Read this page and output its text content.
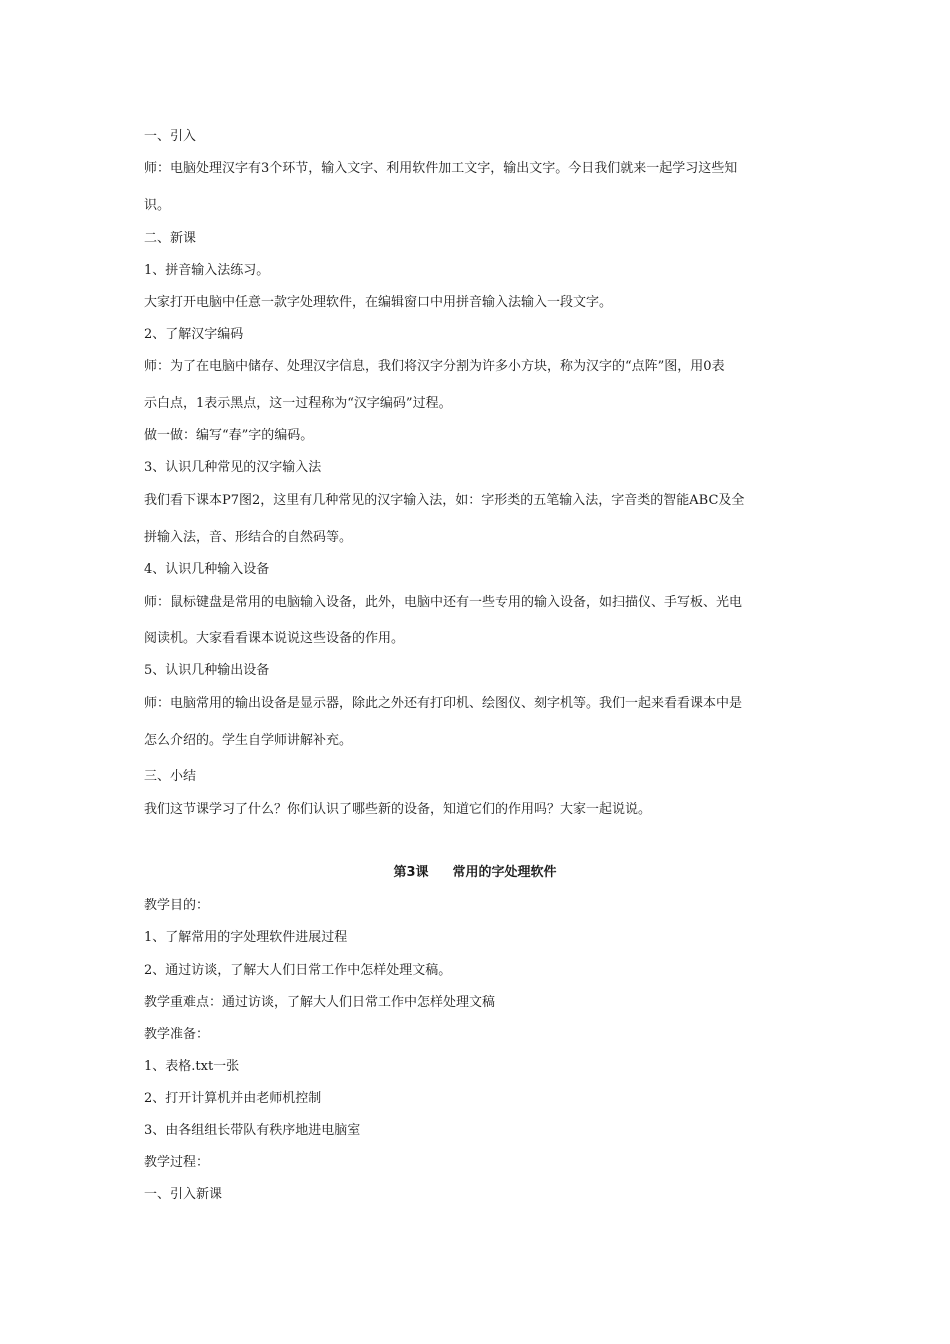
一、引入
师：电脑处理汉字有3个环节，输入文字、利用软件加工文字，输出文字。今日我们就来一起学习这些知
识。
二、新课
1、拼音输入法练习。
大家打开电脑中任意一款字处理软件，在编辑窗口中用拼音输入法输入一段文字。
2、了解汉字编码
师：为了在电脑中储存、处理汉字信息，我们将汉字分割为许多小方块，称为汉字的“点阵”图，用0表
示白点，1表示黑点，这一过程称为“汉字编码”过程。
做一做：编写“春”字的编码。
3、认识几种常见的汉字输入法
我们看下课本P7图2，这里有几种常见的汉字输入法，如：字形类的五笔输入法，字音类的智能ABC及全
拼输入法，音、形结合的自然码等。
4、认识几种输入设备
师：鼠标键盘是常用的电脑输入设备，此外，电脑中还有一些专用的输入设备，如扫描仪、手写板、光电
阅读机。大家看看课本说说这些设备的作用。
5、认识几种输出设备
师：电脑常用的输出设备是显示器，除此之外还有打印机、绘图仪、刻字机等。我们一起来看看课本中是
怎么介绍的。学生自学师讲解补充。
三、小结
我们这节课学习了什么？你们认识了哪些新的设备，知道它们的作用吗？大家一起说说。
第3课 常用的字处理软件
教学目的：
1、了解常用的字处理软件进展过程
2、通过访谈，了解大人们日常工作中怎样处理文稿。
教学重难点：通过访谈，了解大人们日常工作中怎样处理文稿
教学准备：
1、表格.txt一张
2、打开计算机并由老师机控制
3、由各组组长带队有秩序地进电脑室
教学过程：
一、引入新课
